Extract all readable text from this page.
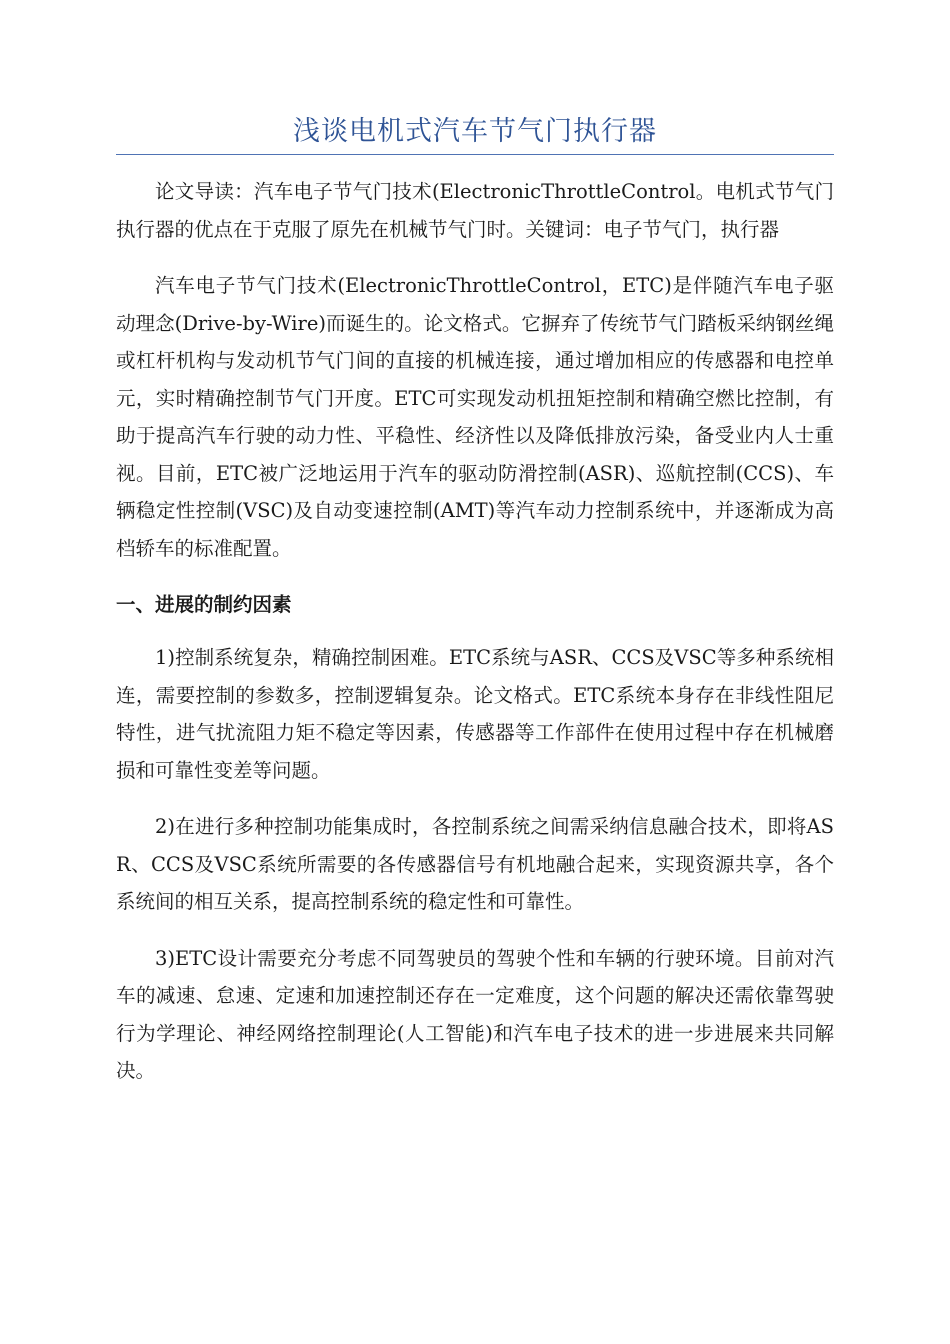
浅谈电机式汽车节气门执行器

论文导读：汽车电子节气门技术(ElectronicThrottleControl。电机式节气门执行器的优点在于克服了原先在机械节气门时。关键词：电子节气门，执行器

汽车电子节气门技术(ElectronicThrottleControl，ETC)是伴随汽车电子驱动理念(Drive-by-Wire)而诞生的。论文格式。它摒弃了传统节气门踏板采纳钢丝绳或杠杆机构与发动机节气门间的直接的机械连接，通过增加相应的传感器和电控单元，实时精确控制节气门开度。ETC可实现发动机扭矩控制和精确空燃比控制，有助于提高汽车行驶的动力性、平稳性、经济性以及降低排放污染，备受业内人士重视。目前，ETC被广泛地运用于汽车的驱动防滑控制(ASR)、巡航控制(CCS)、车辆稳定性控制(VSC)及自动变速控制(AMT)等汽车动力控制系统中，并逐渐成为高档轿车的标准配置。

一、进展的制约因素

1)控制系统复杂，精确控制困难。ETC系统与ASR、CCS及VSC等多种系统相连，需要控制的参数多，控制逻辑复杂。论文格式。ETC系统本身存在非线性阻尼特性，进气扰流阻力矩不稳定等因素，传感器等工作部件在使用过程中存在机械磨损和可靠性变差等问题。

2)在进行多种控制功能集成时，各控制系统之间需采纳信息融合技术，即将ASR、CCS及VSC系统所需要的各传感器信号有机地融合起来，实现资源共享，各个系统间的相互关系，提高控制系统的稳定性和可靠性。

3)ETC设计需要充分考虑不同驾驶员的驾驶个性和车辆的行驶环境。目前对汽车的减速、怠速、定速和加速控制还存在一定难度，这个问题的解决还需依靠驾驶行为学理论、神经网络控制理论(人工智能)和汽车电子技术的进一步进展来共同解决。
